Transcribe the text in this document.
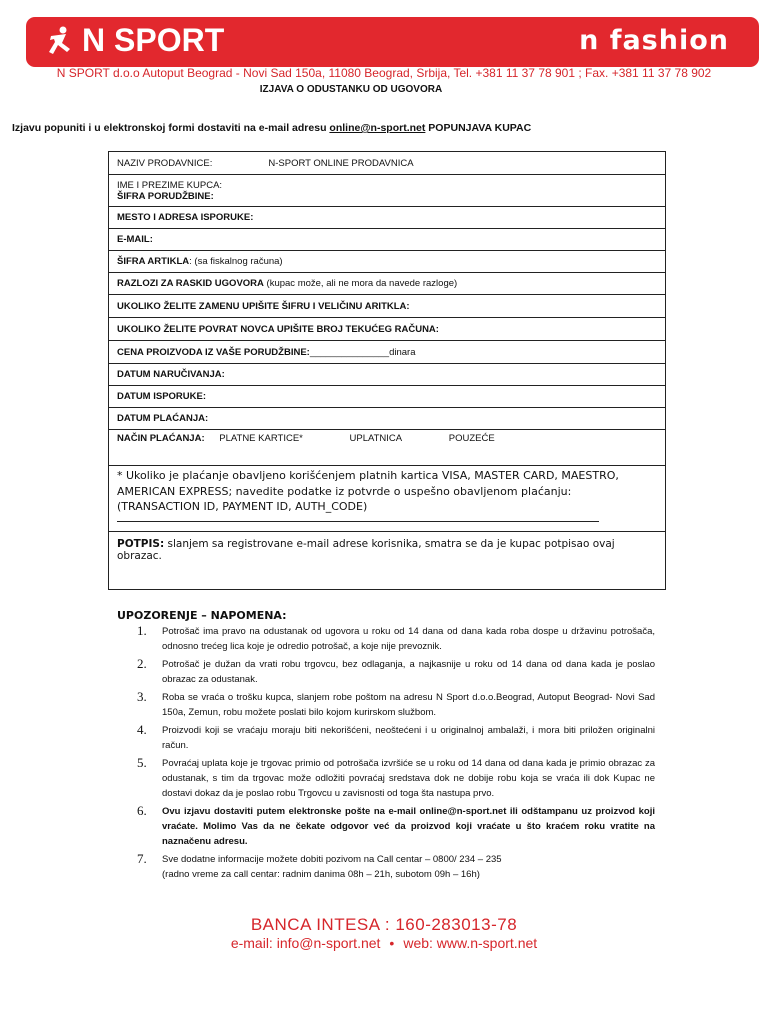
N SPORT	n fashion
N SPORT d.o.o Autoput Beograd - Novi Sad 150a, 11080 Beograd, Srbija, Tel. +381 11 37 78 901 ; Fax. +381 11 37 78 902
IZJAVA O ODUSTANKU OD UGOVORA
Izjavu popuniti i u elektronskoj formi dostaviti na e-mail adresu online@n-sport.net POPUNJAVA KUPAC
NAZIV PRODAVNICE:	N-SPORT ONLINE PRODAVNICA

IME I PREZIME KUPCA:
ŠIFRA PORUDŽBINE:

MESTO I ADRESA ISPORUKE:
E-MAIL:
ŠIFRA ARTIKLA: (sa fiskalnog računa)
RAZLOZI ZA RASKID UGOVORA (kupac može, ali ne mora da navede razloge)
UKOLIKO ŽELITE ZAMENU UPIŠITE ŠIFRU I VELIČINU ARITKLA:
UKOLIKO ŽELITE POVRAT NOVCA UPIŠITE BROJ TEKUĆEG RAČUNA:
CENA PROIZVODA IZ VAŠE PORUDŽBINE:_______________dinara
DATUM NARUČIVANJA:
DATUM ISPORUKE:
DATUM PLAĆANJA:
NAČIN PLAĆANJA: PLATNE KARTICE*	UPLATNICA	POUZEĆE

* Ukoliko je plaćanje obavljeno korišćenjem platnih kartica VISA, MASTER CARD, MAESTRO, AMERICAN EXPRESS; navedite podatke iz potvrde o uspešno obavljenom plaćanju: (TRANSACTION ID, PAYMENT ID, AUTH_CODE)

POTPIS: slanjem sa registrovane e-mail adrese korisnika, smatra se da je kupac potpisao ovaj obrazac.
UPOZORENJE – NAPOMENA:
1. Potrošač ima pravo na odustanak od ugovora u roku od 14 dana od dana kada roba dospe u državinu potrošača, odnosno trećeg lica koje je odredio potrošač, a koje nije prevoznik.
2. Potrošač je dužan da vrati robu trgovcu, bez odlaganja, a najkasnije u roku od 14 dana od dana kada je poslao obrazac za odustanak.
3. Roba se vraća o trošku kupca, slanjem robe poštom na adresu N Sport d.o.o.Beograd, Autoput Beograd- Novi Sad 150a, Zemun, robu možete poslati bilo kojom kurirskom službom.
4. Proizvodi koji se vraćaju moraju biti nekorišćeni, neoštećeni i u originalnoj ambalaži, i mora biti priložen originalni račun.
5. Povraćaj uplata koje je trgovac primio od potrošača izvršiće se u roku od 14 dana od dana kada je primio obrazac za odustanak, s tim da trgovac može odložiti povraćaj sredstava dok ne dobije robu koja se vraća ili dok Kupac ne dostavi dokaz da je poslao robu Trgovcu u zavisnosti od toga šta nastupa prvo.
6. Ovu izjavu dostaviti putem elektronske pošte na e-mail online@n-sport.net ili odštampanu uz proizvod koji vraćate. Molimo Vas da ne čekate odgovor već da proizvod koji vraćate u što kraćem roku vratite na naznačenu adresu.
7. Sve dodatne informacije možete dobiti pozivom na Call centar – 0800/ 234 – 235 (radno vreme za call centar: radnim danima 08h – 21h, subotom 09h – 16h)
BANCA INTESA : 160-283013-78
e-mail: info@n-sport.net • web: www.n-sport.net
